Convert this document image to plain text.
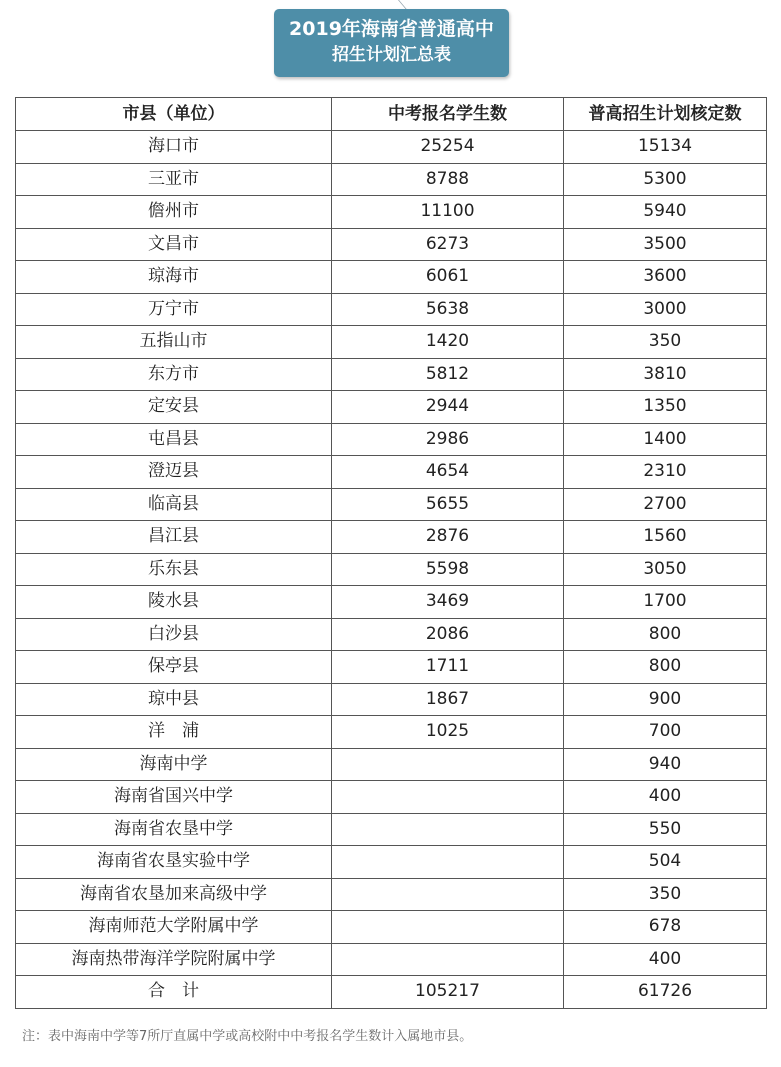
2019年海南省普通高中
招生计划汇总表
市县（单位）	中考报名学生数	普高招生计划核定数
海口市	25254	15134
三亚市	8788	5300
儋州市	11100	5940
文昌市	6273	3500
琼海市	6061	3600
万宁市	5638	3000
五指山市	1420	350
东方市	5812	3810
定安县	2944	1350
屯昌县	2986	1400
澄迈县	4654	2310
临高县	5655	2700
昌江县	2876	1560
乐东县	5598	3050
陵水县	3469	1700
白沙县	2086	800
保亭县	1711	800
琼中县	1867	900
洋　浦	1025	700
海南中学		940
海南省国兴中学		400
海南省农垦中学		550
海南省农垦实验中学		504
海南省农垦加来高级中学		350
海南师范大学附属中学		678
海南热带海洋学院附属中学		400
合　计	105217	61726
注：表中海南中学等7所厅直属中学或高校附中中考报名学生数计入属地市县。
